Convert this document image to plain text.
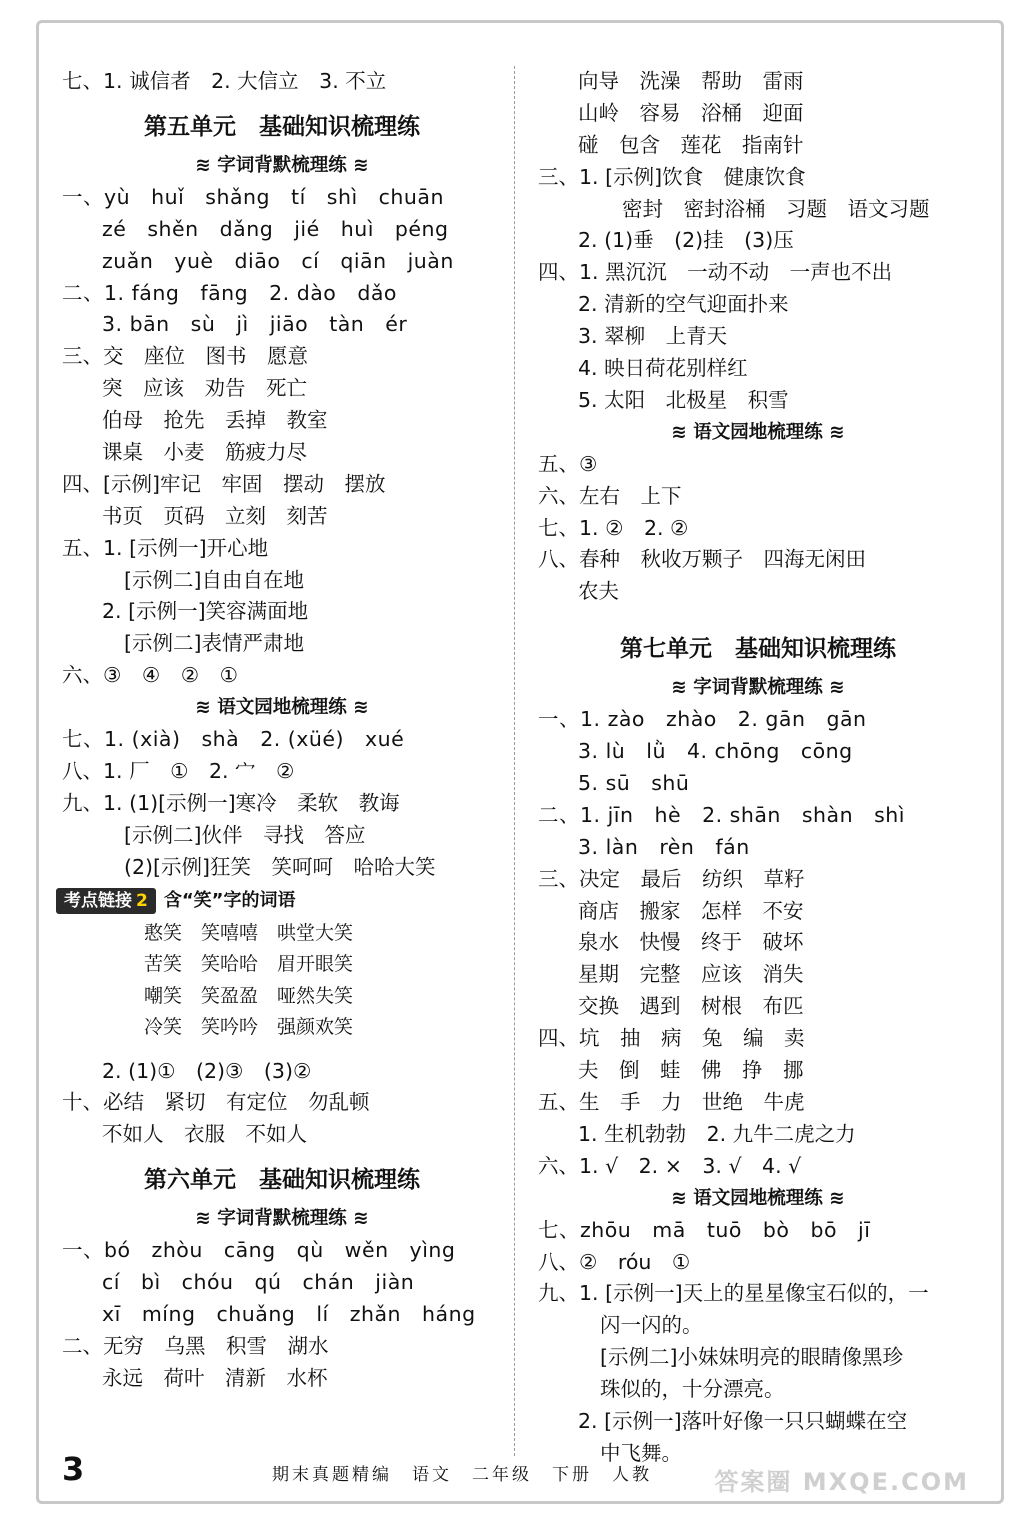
七、1. 诚信者　2. 大信立　3. 不立
第五单元　基础知识梳理练
≋ 字词背默梳理练 ≋
一、yù　huǐ　shǎng　tí　shì　chuān
zé　shěn　dǎng　jié　huì　péng
zuǎn　yuè　diāo　cí　qiān　juàn
二、1. fáng　fāng　2. dào　dǎo
3. bān　sù　jì　jiāo　tàn　ér
三、交　座位　图书　愿意
突　应该　劝告　死亡
伯母　抢先　丢掉　教室
课桌　小麦　筋疲力尽
四、[示例]牢记　牢固　摆动　摆放
书页　页码　立刻　刻苦
五、1. [示例一]开心地
[示例二]自由自在地
2. [示例一]笑容满面地
[示例二]表情严肃地
六、③　④　②　①
≋ 语文园地梳理练 ≋
七、1. (xià)　shà　2. (xüé)　xué
八、1. 厂　①　2. 宀　②
九、1. (1)[示例一]寒冷　柔软　教诲
[示例二]伙伴　寻找　答应
(2)[示例]狂笑　笑呵呵　哈哈大笑
考点链接 2 含“笑”字的词语
憨笑　笑嘻嘻　哄堂大笑
苦笑　笑哈哈　眉开眼笑
嘲笑　笑盈盈　哑然失笑
冷笑　笑吟吟　强颜欢笑
2. (1)①　(2)③　(3)②
十、必结　紧切　有定位　勿乱顿
不如人　衣服　不如人
第六单元　基础知识梳理练
≋ 字词背默梳理练 ≋
一、bó　zhòu　cāng　qù　wěn　yìng
cí　bì　chóu　qú　chán　jiàn
xī　míng　chuǎng　lí　zhǎn　háng
二、无穷　乌黑　积雪　湖水
永远　荷叶　清新　水杯
向导　洗澡　帮助　雷雨
山岭　容易　浴桶　迎面
碰　包含　莲花　指南针
三、1. [示例]饮食　健康饮食
密封　密封浴桶　习题　语文习题
2. (1)垂　(2)挂　(3)压
四、1. 黑沉沉　一动不动　一声也不出
2. 清新的空气迎面扑来
3. 翠柳　上青天
4. 映日荷花别样红
5. 太阳　北极星　积雪
≋ 语文园地梳理练 ≋
五、③
六、左右　上下
七、1. ②　2. ②
八、春种　秋收万颗子　四海无闲田
农夫
第七单元　基础知识梳理练
≋ 字词背默梳理练 ≋
一、1. zào　zhào　2. gān　gān
3. lù　lǜ　4. chōng　cōng
5. sū　shū
二、1. jīn　hè　2. shān　shàn　shì
3. làn　rèn　fán
三、决定　最后　纺织　草籽
商店　搬家　怎样　不安
泉水　快慢　终于　破坏
星期　完整　应该　消失
交换　遇到　树根　布匹
四、坑　抽　病　兔　编　卖
夫　倒　蛙　佛　挣　挪
五、生　手　力　世绝　牛虎
1. 生机勃勃　2. 九牛二虎之力
六、1. √　2. ×　3. √　4. √
≋ 语文园地梳理练 ≋
七、zhōu　mā　tuō　bò　bō　jī
八、②　róu　①
九、1. [示例一]天上的星星像宝石似的，一
闪一闪的。
[示例二]小妹妹明亮的眼睛像黑珍
珠似的，十分漂亮。
2. [示例一]落叶好像一只只蝴蝶在空
中飞舞。
3	期末真题精编　语文　二年级　下册　人教	答案圈 MXQE.COM
